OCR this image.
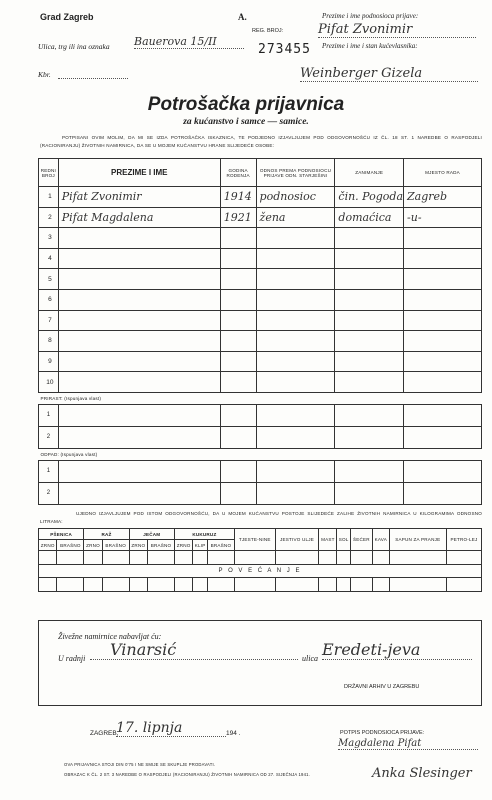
Grad Zagreb	A.	Prezime i ime podnosioca prijave:
Pifat Zvonimir
Prezime i ime i stan kućevlasnika:
Weinberger Gizela
REG. BROJ:
273455
Ulica, trg ili ina oznaka Bauerova 15/II
Kbr.
Potrošačka prijavnica
za kućanstvo i samce — samice.
POTPISANI OVIM MOLIM, DA MI SE IZDA POTROŠAČKA ISKAZNICA, TE PODJEDNO IZJAVLJUJEM POD ODGOVORNOŠĆU IZ ČL. 18 ST. 1 NAREDBE O RASPODJELI (RACIONIRANJU) ŽIVOTNIH NAMIRNICA, DA SE U MOJEM KUĆANSTVU HRANE SLIJEDEĆE OSOBE:
REDNI BROJ	PREZIME I IME	GODINA RODENJA	ODNOS PREMA PODNOSIOCU PRIJAVE ODN. STARJEŠINI	ZANIMANJE	MJESTO RADA
1	Pifat Zvonimir	1914	podnosioc	čin. Pogoda	Zagreb
2	Pifat Magdalena	1921	žena	domaćica	-u-
3					
4					
5					
6					
7					
8					
9					
10					
PRIRAST: (Ispunjava vlast)					
1					
2					
ODPAD: (Ispunjava vlast)					
1					
2					
UJEDNO IZJAVLJUJEM POD ISTOM ODGOVORNOŠĆU, DA U MOJEM KUĆANSTVU POSTOJE SLIJEDEĆE ZALIHE ŽIVOTNIH NAMIRNICA U KILOGRAMIMA ODNOSNO LITRAMA:
PŠENICA		RAŽ		JEČAM		KUKURUZ			TJESTE-NINE	JESTIVO ULJE	MAST	SOL	ŠEĆER	KAVA	SAPUN ZA PRANJE	PETRO-LEJ
ZRNO	BRAŠNO	ZRNO	BRAŠNO	ZRNO	BRAŠNO	ZRNO	KLIP	BRAŠNO								

P O V E Ć A N J E																

Živežne namirnice nabavljat ću:
U radnji	Vinarsić	ulica Eredeti-jeva
DRŽAVNI ARHIV U ZAGREBU
ZAGREB,
17. lipnja	194 .	POTPIS PODNOSIOCA PRIJAVE:
Magdalena Pifat
OVA PRIJAVNICA STOJI DIN 0'75 I NE SMIJE SE SKUPLJE PRODAVATI.
OBRAZAC K ČL. 2 ST. 3 NAREDBE O RASPODJELI (RACIONIRANJU) ŽIVOTNIH NAMIRNICA OD 27. SIJEČNJA 1941.	Anka Slesinger
